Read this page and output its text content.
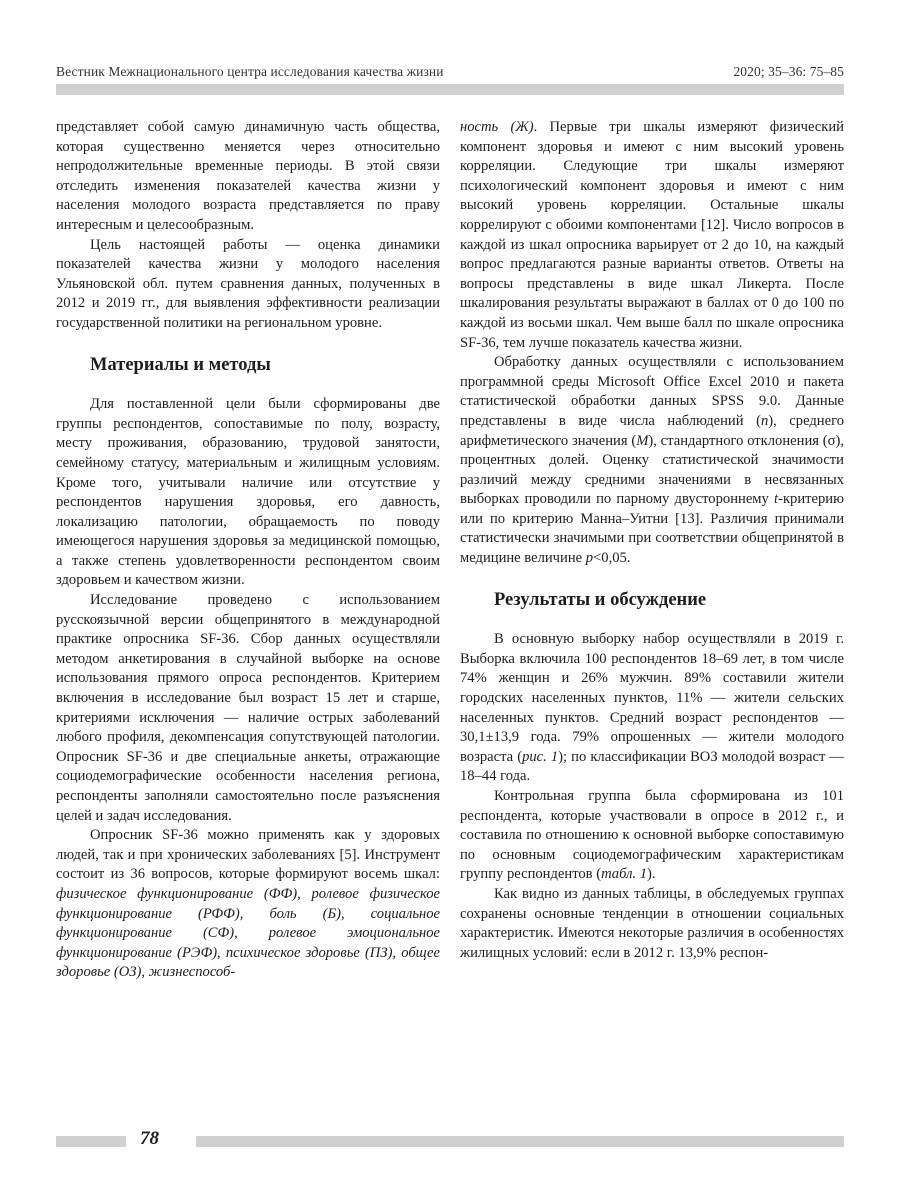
Вестник Межнационального центра исследования качества жизни	2020; 35–36: 75–85

представляет собой самую динамичную часть общества, которая существенно меняется через относительно непродолжительные временные периоды. В этой связи отследить изменения показателей качества жизни у населения молодого возраста представляется по праву интересным и целесообразным.

Цель настоящей работы — оценка динамики показателей качества жизни у молодого населения Ульяновской обл. путем сравнения данных, полученных в 2012 и 2019 гг., для выявления эффективности реализации государственной политики на региональном уровне.

Материалы и методы

Для поставленной цели были сформированы две группы респондентов, сопоставимые по полу, возрасту, месту проживания, образованию, трудовой занятости, семейному статусу, материальным и жилищным условиям. Кроме того, учитывали наличие или отсутствие у респондентов нарушения здоровья, его давность, локализацию патологии, обращаемость по поводу имеющегося нарушения здоровья за медицинской помощью, а также степень удовлетворенности респондентом своим здоровьем и качеством жизни.

Исследование проведено с использованием русскоязычной версии общепринятого в международной практике опросника SF-36. Сбор данных осуществляли методом анкетирования в случайной выборке на основе использования прямого опроса респондентов. Критерием включения в исследование был возраст 15 лет и старше, критериями исключения — наличие острых заболеваний любого профиля, декомпенсация сопутствующей патологии. Опросник SF-36 и две специальные анкеты, отражающие социодемографические особенности населения региона, респонденты заполняли самостоятельно после разъяснения целей и задач исследования.

Опросник SF-36 можно применять как у здоровых людей, так и при хронических заболеваниях [5]. Инструмент состоит из 36 вопросов, которые формируют восемь шкал: физическое функционирование (ФФ), ролевое физическое функционирование (РФФ), боль (Б), социальное функционирование (СФ), ролевое эмоциональное функционирование (РЭФ), психическое здоровье (ПЗ), общее здоровье (ОЗ), жизнеспособ-

ность (Ж). Первые три шкалы измеряют физический компонент здоровья и имеют с ним высокий уровень корреляции. Следующие три шкалы измеряют психологический компонент здоровья и имеют с ним высокий уровень корреляции. Остальные шкалы коррелируют с обоими компонентами [12]. Число вопросов в каждой из шкал опросника варьирует от 2 до 10, на каждый вопрос предлагаются разные варианты ответов. Ответы на вопросы представлены в виде шкал Ликерта. После шкалирования результаты выражают в баллах от 0 до 100 по каждой из восьми шкал. Чем выше балл по шкале опросника SF-36, тем лучше показатель качества жизни.

Обработку данных осуществляли с использованием программной среды Microsoft Office Excel 2010 и пакета статистической обработки данных SPSS 9.0. Данные представлены в виде числа наблюдений (n), среднего арифметического значения (M), стандартного отклонения (σ), процентных долей. Оценку статистической значимости различий между средними значениями в несвязанных выборках проводили по парному двустороннему t-критерию или по критерию Манна–Уитни [13]. Различия принимали статистически значимыми при соответствии общепринятой в медицине величине p<0,05.

Результаты и обсуждение

В основную выборку набор осуществляли в 2019 г. Выборка включила 100 респондентов 18–69 лет, в том числе 74% женщин и 26% мужчин. 89% составили жители городских населенных пунктов, 11% — жители сельских населенных пунктов. Средний возраст респондентов — 30,1±13,9 года. 79% опрошенных — жители молодого возраста (рис. 1); по классификации ВОЗ молодой возраст — 18–44 года.

Контрольная группа была сформирована из 101 респондента, которые участвовали в опросе в 2012 г., и составила по отношению к основной выборке сопоставимую по основным социодемографическим характеристикам группу респондентов (табл. 1).

Как видно из данных таблицы, в обследуемых группах сохранены основные тенденции в отношении социальных характеристик. Имеются некоторые различия в особенностях жилищных условий: если в 2012 г. 13,9% респон-

78
